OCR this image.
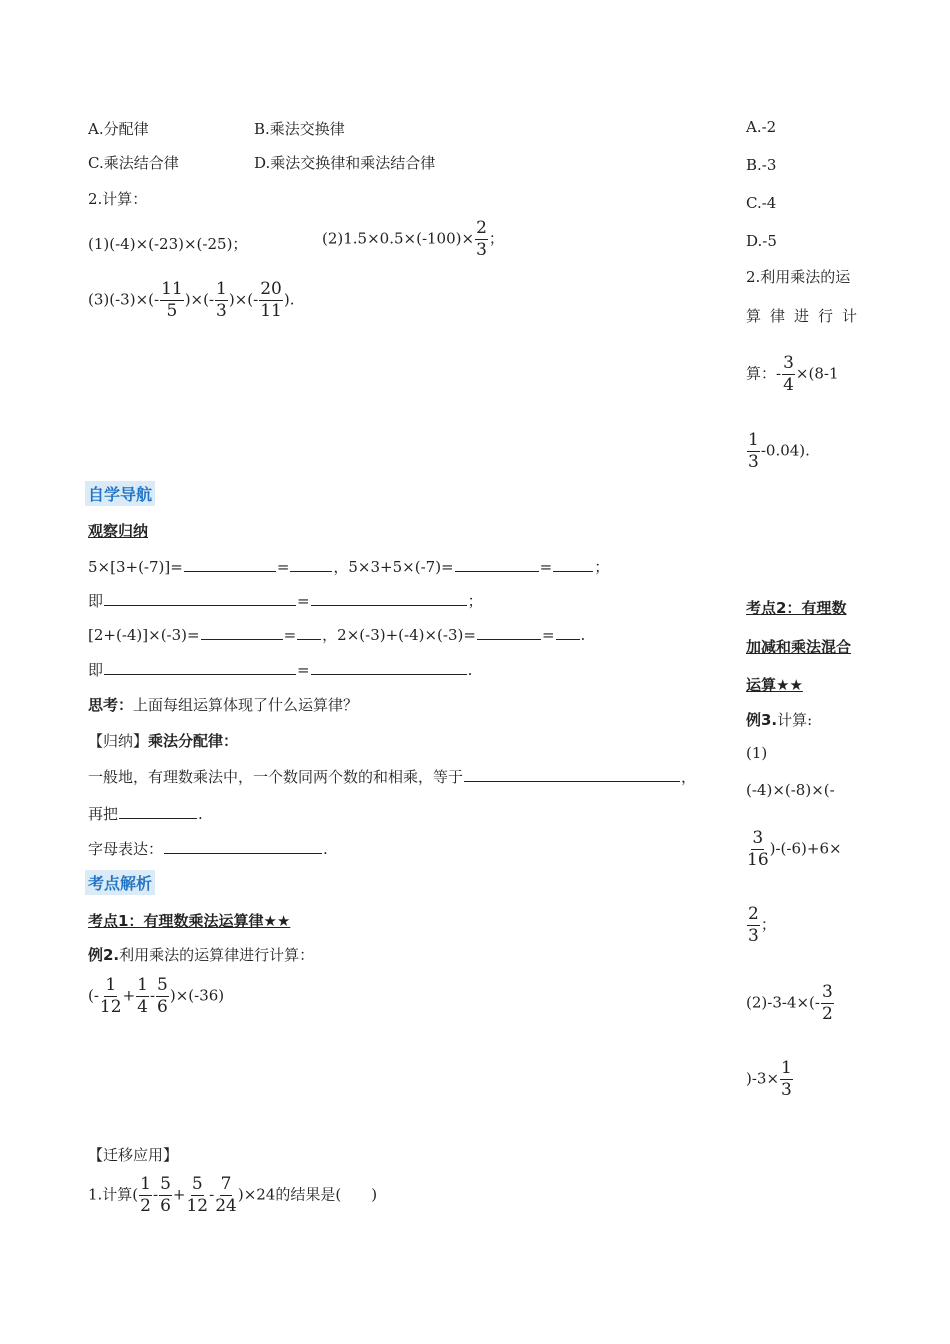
A.分配律	B.乘法交换律
C.乘法结合律	D.乘法交换律和乘法结合律
2.计算：
(1)(-4)×(-23)×(-25)；	$(2)1.5\times 0.5\times(-100)\times \frac{2}{3}$ ；
$(3)(-3)\times(- \frac{11}{5}$ )×(- $\frac{1}{3}$ )×(- $\frac{20}{11}$ ).
自学导航
观察归纳
5×[3+(-7)]=	=	，5×3+5×(-7)=	=	；
即	=	；
[2+(-4)]×(-3)=	= ，2×(-3)+(-4)×(-3)=	= .
即	=	.
思考：上面每组运算体现了什么运算律？
【归纳】乘法分配律：
一般地，有理数乘法中，一个数同两个数的和相乘，等于	，
再把	.
字母表达：	.
考点解析
考点1：有理数乘法运算律★★
例2.利用乘法的运算律进行计算：
(- $\frac{1}{12} + \frac{1}{4} - \frac{5}{6} )\times(-36)$
【迁移应用】
1.计算( $\frac{1}{2} - \frac{5}{6} + \frac{5}{12} - \frac{7}{24} )\times 24$的结果是(　　)
A.-2
B.-3
C.-4
D.-5
2.利用乘法的运
算律进行计
算：- $\frac{3}{4} \times(8-1$
$\frac{1}{3} -0.04$).
考点2：有理数
加减和乘法混合
运算★★
例3.计算:
(1)
(-4)×(-8)×(-
$\frac{3}{16} )-(-6)+6\times$
$\frac{2}{3}$ ；
$(2)-3-4\times(- \frac{3}{2}$
)$-3\times \frac{1}{3}$
